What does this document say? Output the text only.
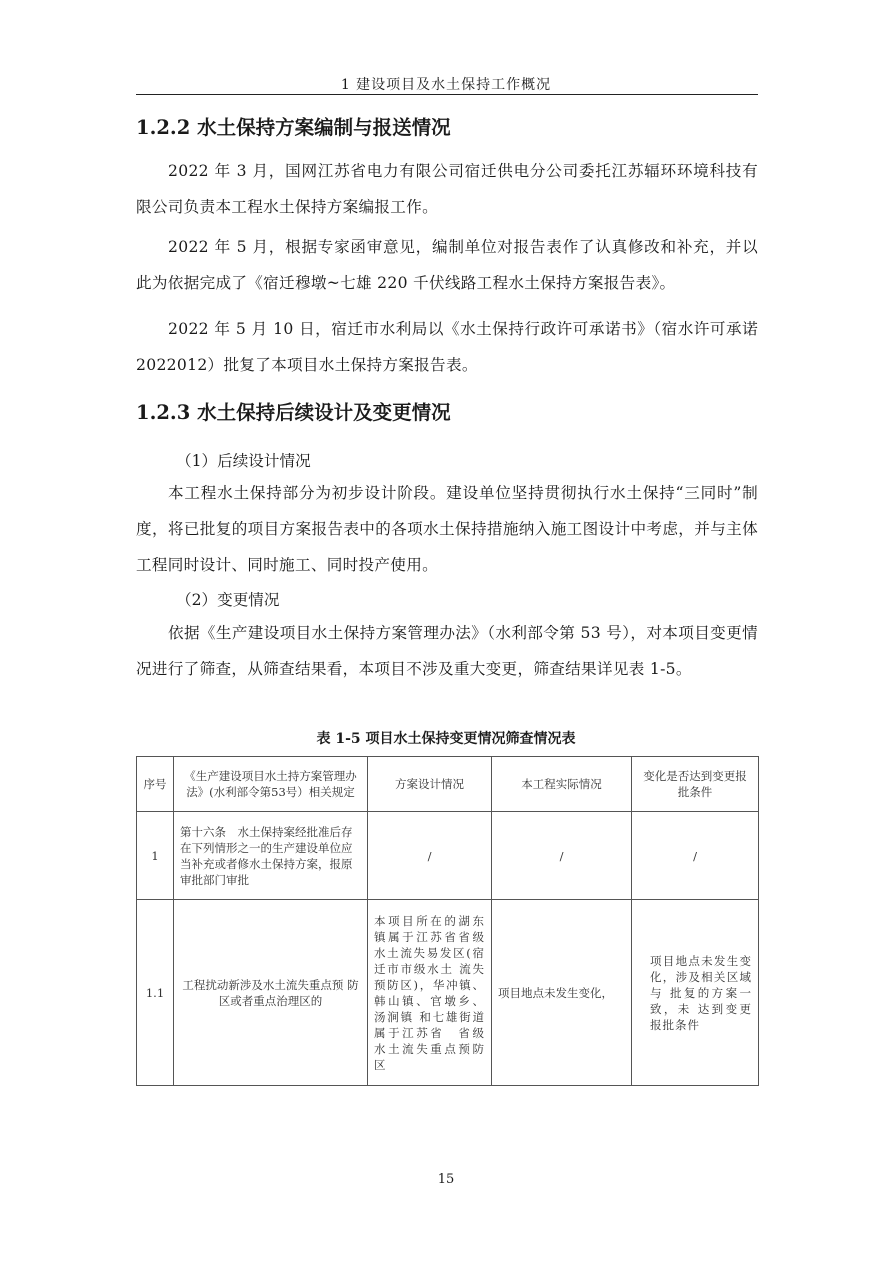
1 建设项目及水土保持工作概况
1.2.2 水土保持方案编制与报送情况
2022 年 3 月，国网江苏省电力有限公司宿迁供电分公司委托江苏辐环环境科技有限公司负责本工程水土保持方案编报工作。
2022 年 5 月，根据专家函审意见，编制单位对报告表作了认真修改和补充，并以此为依据完成了《宿迁穆墩~七雄 220 千伏线路工程水土保持方案报告表》。
2022 年 5 月 10 日，宿迁市水利局以《水土保持行政许可承诺书》（宿水许可承诺 2022012）批复了本项目水土保持方案报告表。
1.2.3 水土保持后续设计及变更情况
（1）后续设计情况
本工程水土保持部分为初步设计阶段。建设单位坚持贯彻执行水土保持“三同时”制度，将已批复的项目方案报告表中的各项水土保持措施纳入施工图设计中考虑，并与主体工程同时设计、同时施工、同时投产使用。
（2）变更情况
依据《生产建设项目水土保持方案管理办法》（水利部令第 53 号），对本项目变更情况进行了筛查，从筛查结果看，本项目不涉及重大变更，筛查结果详见表 1-5。
表 1-5 项目水土保持变更情况筛查情况表
序号	《生产建设项目水土持方案管理办法》(水利部令第53号）相关规定	方案设计情况	本工程实际情况	变化是否达到变更报 批条件
1	第十六条　水土保持案经批准后存在下列情形之一的生产建设单位应当补充或者修水土保持方案，报原审批部门审批	/	/	/
1.1	工程扰动新涉及水土流失重点预 防区或者重点治理区的	本项目所在的湖东镇属于江苏省省级水土流失易发区(宿迁市市级水土 流失预防区)，华冲镇、韩山镇、官墩乡、汤涧镇 和七雄街道属于江苏省　省级水土流失重点预防　区	项目地点未发生变化，	项目地点未发生变　化，涉及相关区域与 批复的方案一致，未 达到变更报批条件
15
